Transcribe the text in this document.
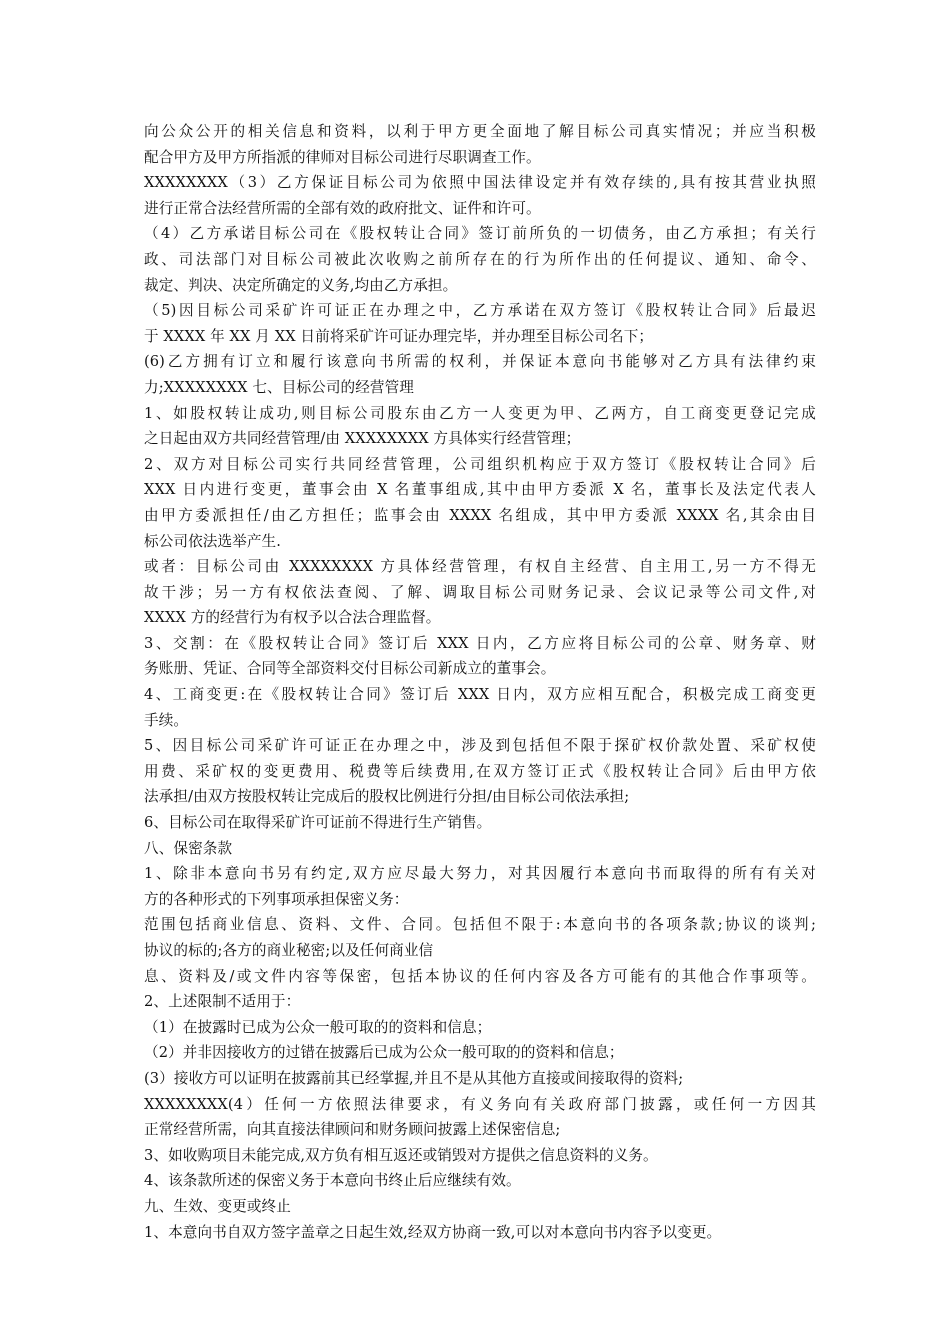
向公众公开的相关信息和资料，以利于甲方更全面地了解目标公司真实情况；并应当积极
配合甲方及甲方所指派的律师对目标公司进行尽职调查工作。
XXXXXXXX（3）乙方保证目标公司为依照中国法律设定并有效存续的,具有按其营业执照
进行正常合法经营所需的全部有效的政府批文、证件和许可。
（4）乙方承诺目标公司在《股权转让合同》签订前所负的一切债务，由乙方承担；有关行
政、司法部门对目标公司被此次收购之前所存在的行为所作出的任何提议、通知、命令、
裁定、判决、决定所确定的义务,均由乙方承担。
（5)因目标公司采矿许可证正在办理之中，乙方承诺在双方签订《股权转让合同》后最迟
于 XXXX 年 XX 月 XX 日前将采矿许可证办理完毕，并办理至目标公司名下；
(6)乙方拥有订立和履行该意向书所需的权利，并保证本意向书能够对乙方具有法律约束
力;XXXXXXXX 七、目标公司的经营管理
1、如股权转让成功,则目标公司股东由乙方一人变更为甲、乙两方，自工商变更登记完成
之日起由双方共同经营管理/由 XXXXXXXX 方具体实行经营管理；
2、双方对目标公司实行共同经营管理，公司组织机构应于双方签订《股权转让合同》后
XXX 日内进行变更，董事会由 X 名董事组成,其中由甲方委派 X 名，董事长及法定代表人
由甲方委派担任/由乙方担任；监事会由 XXXX 名组成，其中甲方委派 XXXX 名,其余由目
标公司依法选举产生.
或者：目标公司由 XXXXXXXX 方具体经营管理，有权自主经营、自主用工,另一方不得无
故干涉；另一方有权依法查阅、了解、调取目标公司财务记录、会议记录等公司文件,对
XXXX 方的经营行为有权予以合法合理监督。
3、交割：在《股权转让合同》签订后 XXX 日内，乙方应将目标公司的公章、财务章、财
务账册、凭证、合同等全部资料交付目标公司新成立的董事会。
4、工商变更:在《股权转让合同》签订后 XXX 日内，双方应相互配合，积极完成工商变更
手续。
5、因目标公司采矿许可证正在办理之中，涉及到包括但不限于探矿权价款处置、采矿权使
用费、采矿权的变更费用、税费等后续费用,在双方签订正式《股权转让合同》后由甲方依
法承担/由双方按股权转让完成后的股权比例进行分担/由目标公司依法承担;
6、目标公司在取得采矿许可证前不得进行生产销售。
八、保密条款
1、除非本意向书另有约定,双方应尽最大努力，对其因履行本意向书而取得的所有有关对
方的各种形式的下列事项承担保密义务：
范围包括商业信息、资料、文件、合同。包括但不限于:本意向书的各项条款;协议的谈判;
协议的标的;各方的商业秘密;以及任何商业信
息、资料及/或文件内容等保密，包括本协议的任何内容及各方可能有的其他合作事项等。
2、上述限制不适用于：
（1）在披露时已成为公众一般可取的的资料和信息；
（2）并非因接收方的过错在披露后已成为公众一般可取的的资料和信息；
(3）接收方可以证明在披露前其已经掌握,并且不是从其他方直接或间接取得的资料;
XXXXXXXX(4）任何一方依照法律要求，有义务向有关政府部门披露，或任何一方因其
正常经营所需，向其直接法律顾问和财务顾问披露上述保密信息;
3、如收购项目未能完成,双方负有相互返还或销毁对方提供之信息资料的义务。
4、该条款所述的保密义务于本意向书终止后应继续有效。
九、生效、变更或终止
1、本意向书自双方签字盖章之日起生效,经双方协商一致,可以对本意向书内容予以变更。
